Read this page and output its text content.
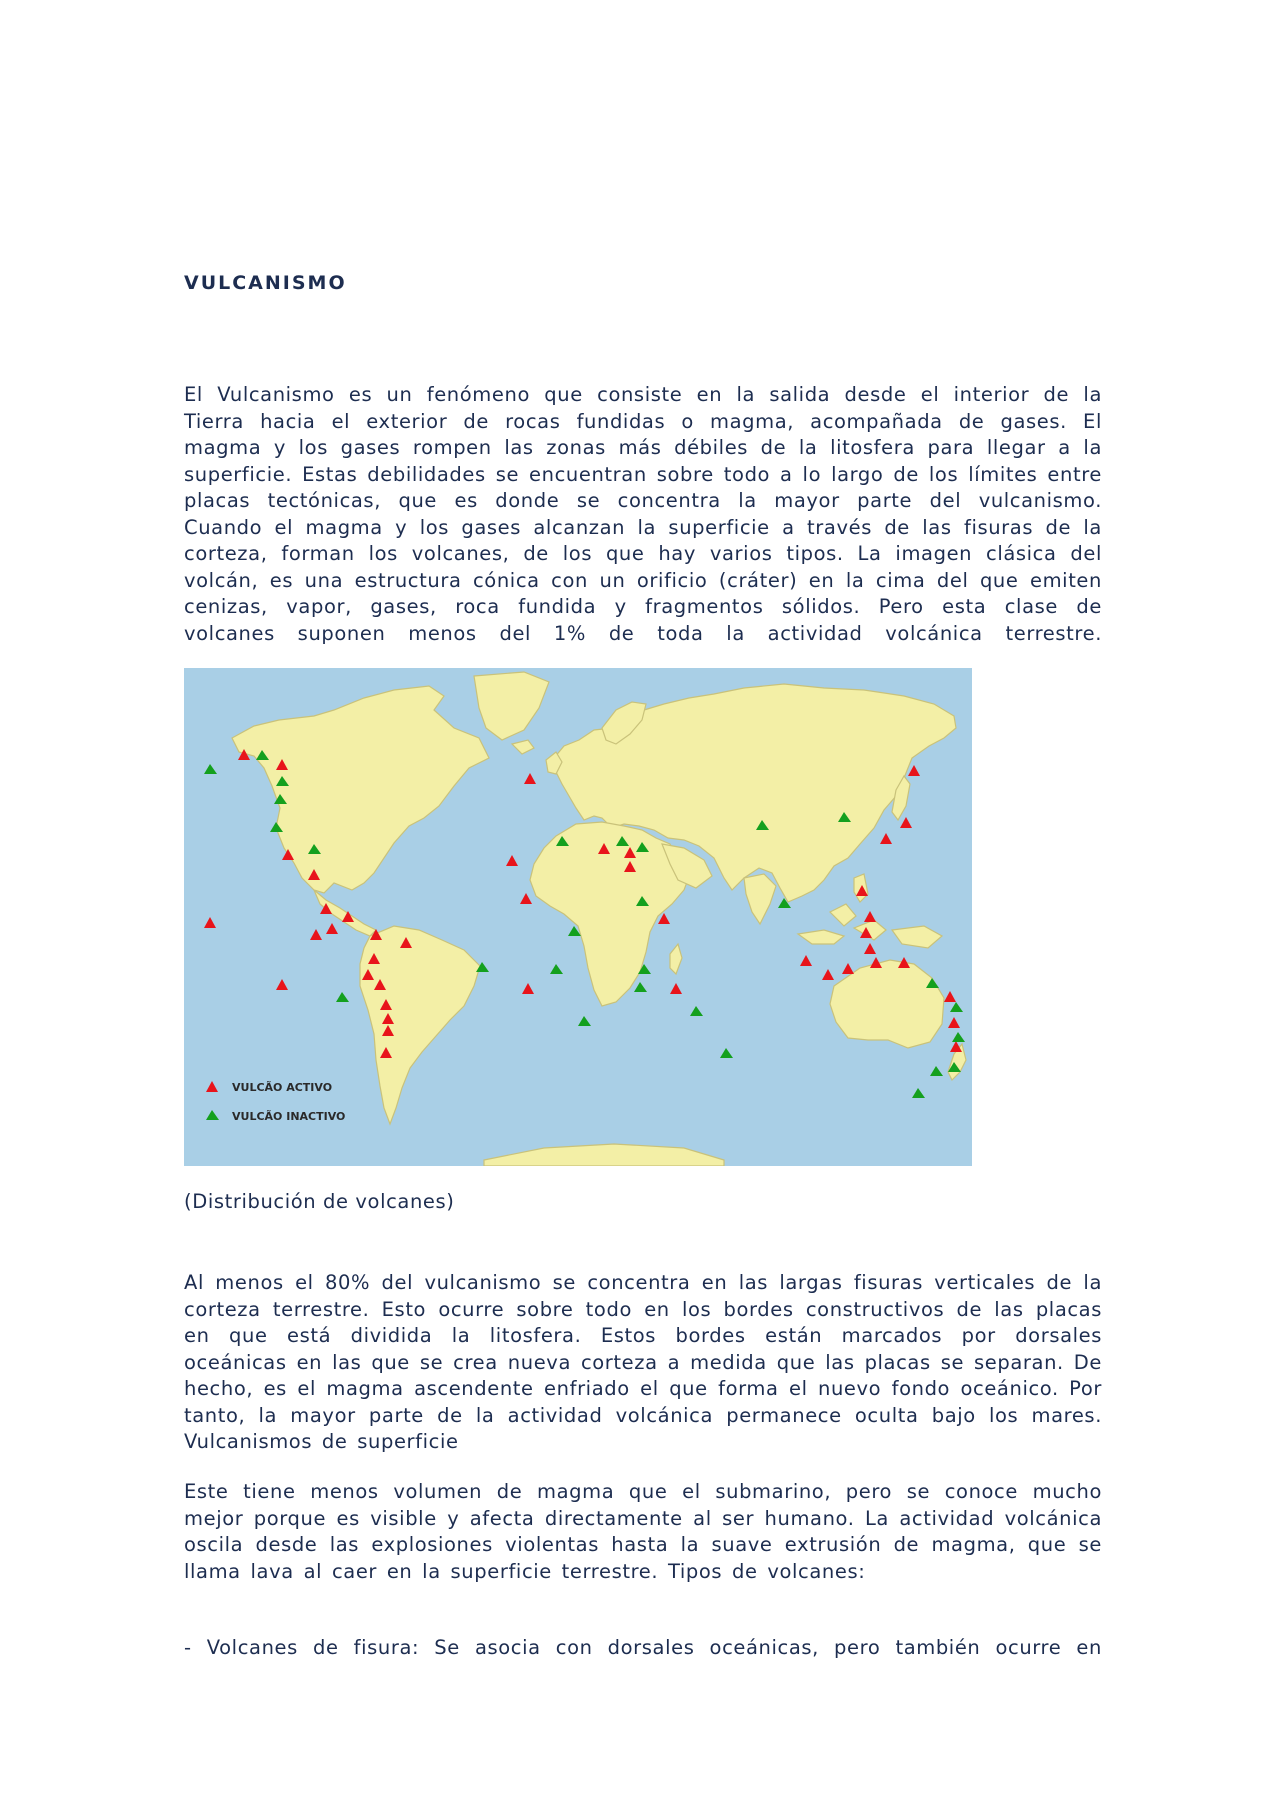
VULCANISMO
El Vulcanismo es un fenómeno que consiste en la salida desde el interior de la Tierra hacia el exterior de rocas fundidas o magma, acompañada de gases. El magma y los gases rompen las zonas más débiles de la litosfera para llegar a la superficie. Estas debilidades se encuentran sobre todo a lo largo de los límites entre placas tectónicas, que es donde se concentra la mayor parte del vulcanismo. Cuando el magma y los gases alcanzan la superficie a través de las fisuras de la corteza, forman los volcanes, de los que hay varios tipos. La imagen clásica del volcán, es una estructura cónica con un orificio (cráter) en la cima del que emiten cenizas, vapor, gases, roca fundida y fragmentos sólidos. Pero esta clase de volcanes suponen menos del 1% de toda la actividad volcánica terrestre.
VULCÃO ACTIVO
VULCÃO INACTIVO
(Distribución de volcanes)
Al menos el 80% del vulcanismo se concentra en las largas fisuras verticales de la corteza terrestre. Esto ocurre sobre todo en los bordes constructivos de las placas en que está dividida la litosfera. Estos bordes están marcados por dorsales oceánicas en las que se crea nueva corteza a medida que las placas se separan. De hecho, es el magma ascendente enfriado el que forma el nuevo fondo oceánico. Por tanto, la mayor parte de la actividad volcánica permanece oculta bajo los mares. Vulcanismos de superficie
Este tiene menos volumen de magma que el submarino, pero se conoce mucho mejor porque es visible y afecta directamente al ser humano. La actividad volcánica oscila desde las explosiones violentas hasta la suave extrusión de magma, que se llama lava al caer en la superficie terrestre. Tipos de volcanes:
- Volcanes de fisura: Se asocia con dorsales oceánicas, pero también ocurre en
